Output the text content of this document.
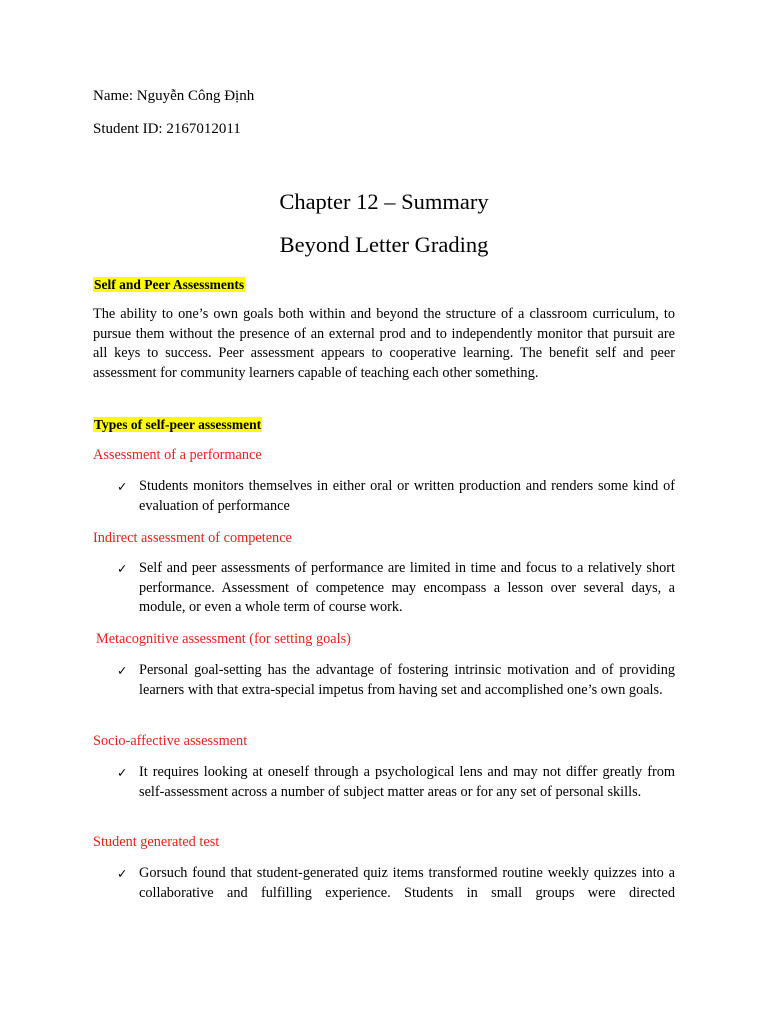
Name: Nguyễn Công Định

Student ID: 2167012011

Chapter 12 – Summary

Beyond Letter Grading

Self and Peer Assessments

The ability to one’s own goals both within and beyond the structure of a classroom curriculum, to pursue them without the presence of an external prod and to independently monitor that pursuit are all keys to success. Peer assessment appears to cooperative learning. The benefit self and peer assessment for community learners capable of teaching each other something.

Types of self-peer assessment

Assessment of a performance

✓ Students monitors themselves in either oral or written production and renders some kind of evaluation of performance

Indirect assessment of competence

✓ Self and peer assessments of performance are limited in time and focus to a relatively short performance. Assessment of competence may encompass a lesson over several days, a module, or even a whole term of course work.

Metacognitive assessment (for setting goals)

✓ Personal goal-setting has the advantage of fostering intrinsic motivation and of providing learners with that extra-special impetus from having set and accomplished one’s own goals.

Socio-affective assessment

✓ It requires looking at oneself through a psychological lens and may not differ greatly from self-assessment across a number of subject matter areas or for any set of personal skills.

Student generated test

✓ Gorsuch found that student-generated quiz items transformed routine weekly quizzes into a collaborative and fulfilling experience. Students in small groups were directed
